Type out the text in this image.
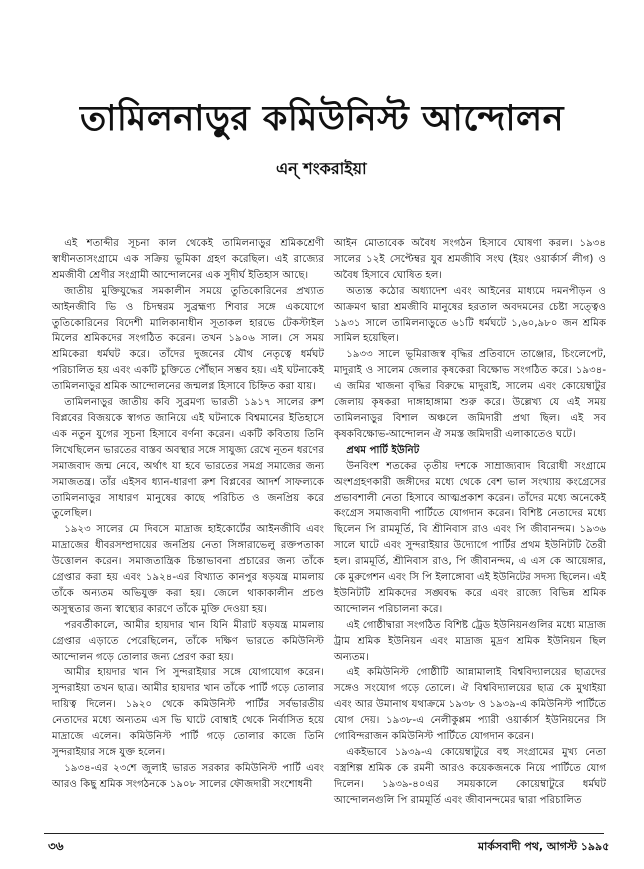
তামিলনাড়ুর কমিউনিস্ট আন্দোলন
এন্ শংকরাইয়া

এই শতাব্দীর সূচনা কাল থেকেই তামিলনাড়ুর শ্রমিকশ্রেণী স্বাধীনতাসংগ্রামে এক সক্রিয় ভূমিকা গ্রহণ করেছিল। এই রাজ্যের শ্রমজীবী শ্রেণীর সংগ্রামী আন্দোলনের এক সুদীর্ঘ ইতিহাস আছে।

জাতীয় মুক্তিযুদ্ধের সমকালীন সময়ে তুতিকোরিনের প্রখ্যাত আইনজীবি ভি ও চিদম্বরম সুব্রহ্মণ্য শিবার সঙ্গে একযোগে তুতিকোরিনের বিদেশী মালিকানাধীন সূতাকল হারভে টেকস্টাইল মিলের শ্রমিকদের সংগঠিত করেন। তখন ১৯০৬ সাল। সে সময় শ্রমিকেরা ধর্মঘট করে। তাঁদের দুজনের যৌথ নেতৃত্বে ধর্মঘট পরিচালিত হয় এবং একটি চুক্তিতে পৌঁছান সম্ভব হয়। এই ঘটনাকেই তামিলনাড়ুর শ্রমিক আন্দোলনের জন্মলগ্ন হিসাবে চিহ্নিত করা যায়।

তামিলনাড়ুর জাতীয় কবি সুব্রমণ্য ভারতী ১৯১৭ সালের রুশ বিপ্লবের বিজয়কে স্বাগত জানিয়ে এই ঘটনাকে বিশ্বমানের ইতিহাসে এক নতুন যুগের সূচনা হিসাবে বর্ণনা করেন। একটি কবিতায় তিনি লিখেছিলেন ভারতের বাস্তব অবস্থার সঙ্গে সাযুজ্য রেখে নূতন ধরণের সমাজবাদ জন্ম নেবে, অর্থাৎ যা হবে ভারতের সমগ্র সমাজের জন্য সমাজতন্ত্র। তাঁর এইসব ধ্যান-ধারণা রুশ বিপ্লবের আদর্শ সাফল্যকে তামিলনাড়ুর সাধারণ মানুষের কাছে পরিচিত ও জনপ্রিয় করে তুলেছিল।

১৯২৩ সালের মে দিবসে মাদ্রাজ হাইকোর্টের আইনজীবি এবং মাদ্রাজের ধীবরসম্প্রদায়ের জনপ্রিয় নেতা সিঙ্গারাভেলু রক্তপতাকা উত্তোলন করেন। সমাজতান্ত্রিক চিন্তাভাবনা প্রচারের জন্য তাঁকে গ্রেপ্তার করা হয় এবং ১৯২৪-এর বিখ্যাত কানপুর ষড়যন্ত্র মামলায় তাঁকে অন্যতম অভিযুক্ত করা হয়। জেলে থাকাকালীন প্রচণ্ড অসুস্থতার জন্য স্বাস্থ্যের কারণে তাঁকে মুক্তি দেওয়া হয়।

পরবর্তীকালে, আমীর হায়দার খান যিনি মীরাট ষড়যন্ত্র মামলায় গ্রেপ্তার এড়াতে পেরেছিলেন, তাঁকে দক্ষিণ ভারতে কমিউনিস্ট আন্দোলন গড়ে তোলার জন্য প্রেরণ করা হয়।

আমীর হায়দার খান পি সুন্দরাইয়ার সঙ্গে যোগাযোগ করেন। সুন্দরাইয়া তখন ছাত্র। আমীর হায়দার খান তাঁকে পার্টি গড়ে তোলার দায়িত্ব দিলেন। ১৯২০ থেকে কমিউনিস্ট পার্টির সর্বভারতীয় নেতাদের মধ্যে অন্যতম এস ভি ঘাটে বোম্বাই থেকে নির্বাসিত হয়ে মাদ্রাজে এলেন। কমিউনিস্ট পার্টি গড়ে তোলার কাজে তিনি সুন্দরাইয়ার সঙ্গে যুক্ত হলেন।

১৯৩৪-এর ২৩শে জুলাই ভারত সরকার কমিউনিস্ট পার্টি এবং আরও কিছু শ্রমিক সংগঠনকে ১৯০৮ সালের ফৌজদারী সংশোধনী

আইন মোতাবেক অবৈধ সংগঠন হিসাবে ঘোষণা করল। ১৯৩৪ সালের ১২ই সেপ্টেম্বর যুব শ্রমজীবি সংঘ (ইয়ং ওয়ার্কার্স লীগ) ও অবৈধ হিসাবে ঘোষিত হল।

অত্যন্ত কঠোর অধ্যাদেশ এবং আইনের মাধ্যমে দমনপীড়ন ও আক্রমণ দ্বারা শ্রমজীবি মানুষের হরতাল অবদমনের চেষ্টা সত্ত্বেও ১৯৩১ সালে তামিলনাড়ুতে ৬১টি ধর্মঘটে ১,৬০,৯৮০ জন শ্রমিক সামিল হয়েছিল।

১৯৩৩ সালে ভূমিরাজস্ব বৃদ্ধির প্রতিবাদে তাঞ্জোর, চিংলেপেট, মাদুরাই ও সালেম জেলার কৃষকেরা বিক্ষোভ সংগঠিত করে। ১৯৩৪-এ জমির খাজনা বৃদ্ধির বিরুদ্ধে মাদুরাই, সালেম এবং কোয়েম্বাটুর জেলায় কৃষকরা দাঙ্গাহাঙ্গামা শুরু করে। উল্লেখ্য যে এই সময় তামিলনাড়ুর বিশাল অঞ্চলে জমিদারী প্রথা ছিল। এই সব কৃষকবিক্ষোভ-আন্দোলন ঐ সমস্ত জমিদারী এলাকাতেও ঘটে।

প্রথম পার্টি ইউনিট

উনবিংশ শতকের তৃতীয় দশকে সাম্রাজ্যবাদ বিরোধী সংগ্রামে অংশগ্রহণকারী জঙ্গীদের মধ্যে থেকে বেশ ভাল সংখ্যায় কংগ্রেসের প্রভাবশালী নেতা হিসাবে আত্মপ্রকাশ করেন। তাঁদের মধ্যে অনেকেই কংগ্রেস সমাজবাদী পার্টিতে যোগদান করেন। বিশিষ্ট নেতাদের মধ্যে ছিলেন পি রামমূর্তি, বি শ্রীনিবাস রাও এবং পি জীবানন্দম। ১৯৩৬ সালে ঘাটে এবং সুন্দরাইয়ার উদ্যোগে পার্টির প্রথম ইউনিটটি তৈরী হল। রামমূর্তি, শ্রীনিবাস রাও, পি জীবানন্দম, এ এস কে আয়েঙ্গার, কে মুরুগেশন এবং সি পি ইলাঙ্গোবা এই ইউনিটের সদস্য ছিলেন। এই ইউনিটটি শ্রমিকদের সঙ্ঘবদ্ধ করে এবং রাজ্যে বিভিন্ন শ্রমিক আন্দোলন পরিচালনা করে।

এই গোষ্ঠীদ্বারা সংগঠিত বিশিষ্ট ট্রেড ইউনিয়নগুলির মধ্যে মাদ্রাজ ট্রাম শ্রমিক ইউনিয়ন এবং মাদ্রাজ মুদ্রণ শ্রমিক ইউনিয়ন ছিল অন্যতম।

এই কমিউনিস্ট গোষ্ঠীটি আন্নামালাই বিশ্ববিদ্যালয়ের ছাত্রদের সঙ্গেও সংযোগ গড়ে তোলে। ঐ বিশ্ববিদ্যালয়ের ছাত্র কে মুথাইয়া এবং আর উমানাথ যথাক্রমে ১৯৩৮ ও ১৯৩৯-এ কমিউনিস্ট পার্টিতে যোগ দেয়। ১৯৩৮-এ নেলীকুপ্পম প্যারী ওয়ার্কার্স ইউনিয়নের সি গোবিন্দরাজন কমিউনিস্ট পার্টিতে যোগদান করেন।

একইভাবে ১৯৩৯-এ কোয়েম্বাটুরে বহু সংগ্রামের মুখ্য নেতা বস্ত্রশিল্প শ্রমিক কে রমনী আরও কয়েকজনকে নিয়ে পার্টিতে যোগ দিলেন। ১৯৩৯-৪০এর সময়কালে কোয়েম্বাটুরে ধর্মঘট আন্দোলনগুলি পি রামমূর্তি এবং জীবানন্দমের দ্বারা পরিচালিত

৩৬	মার্কসবাদী পথ, আগস্ট ১৯৯৫
